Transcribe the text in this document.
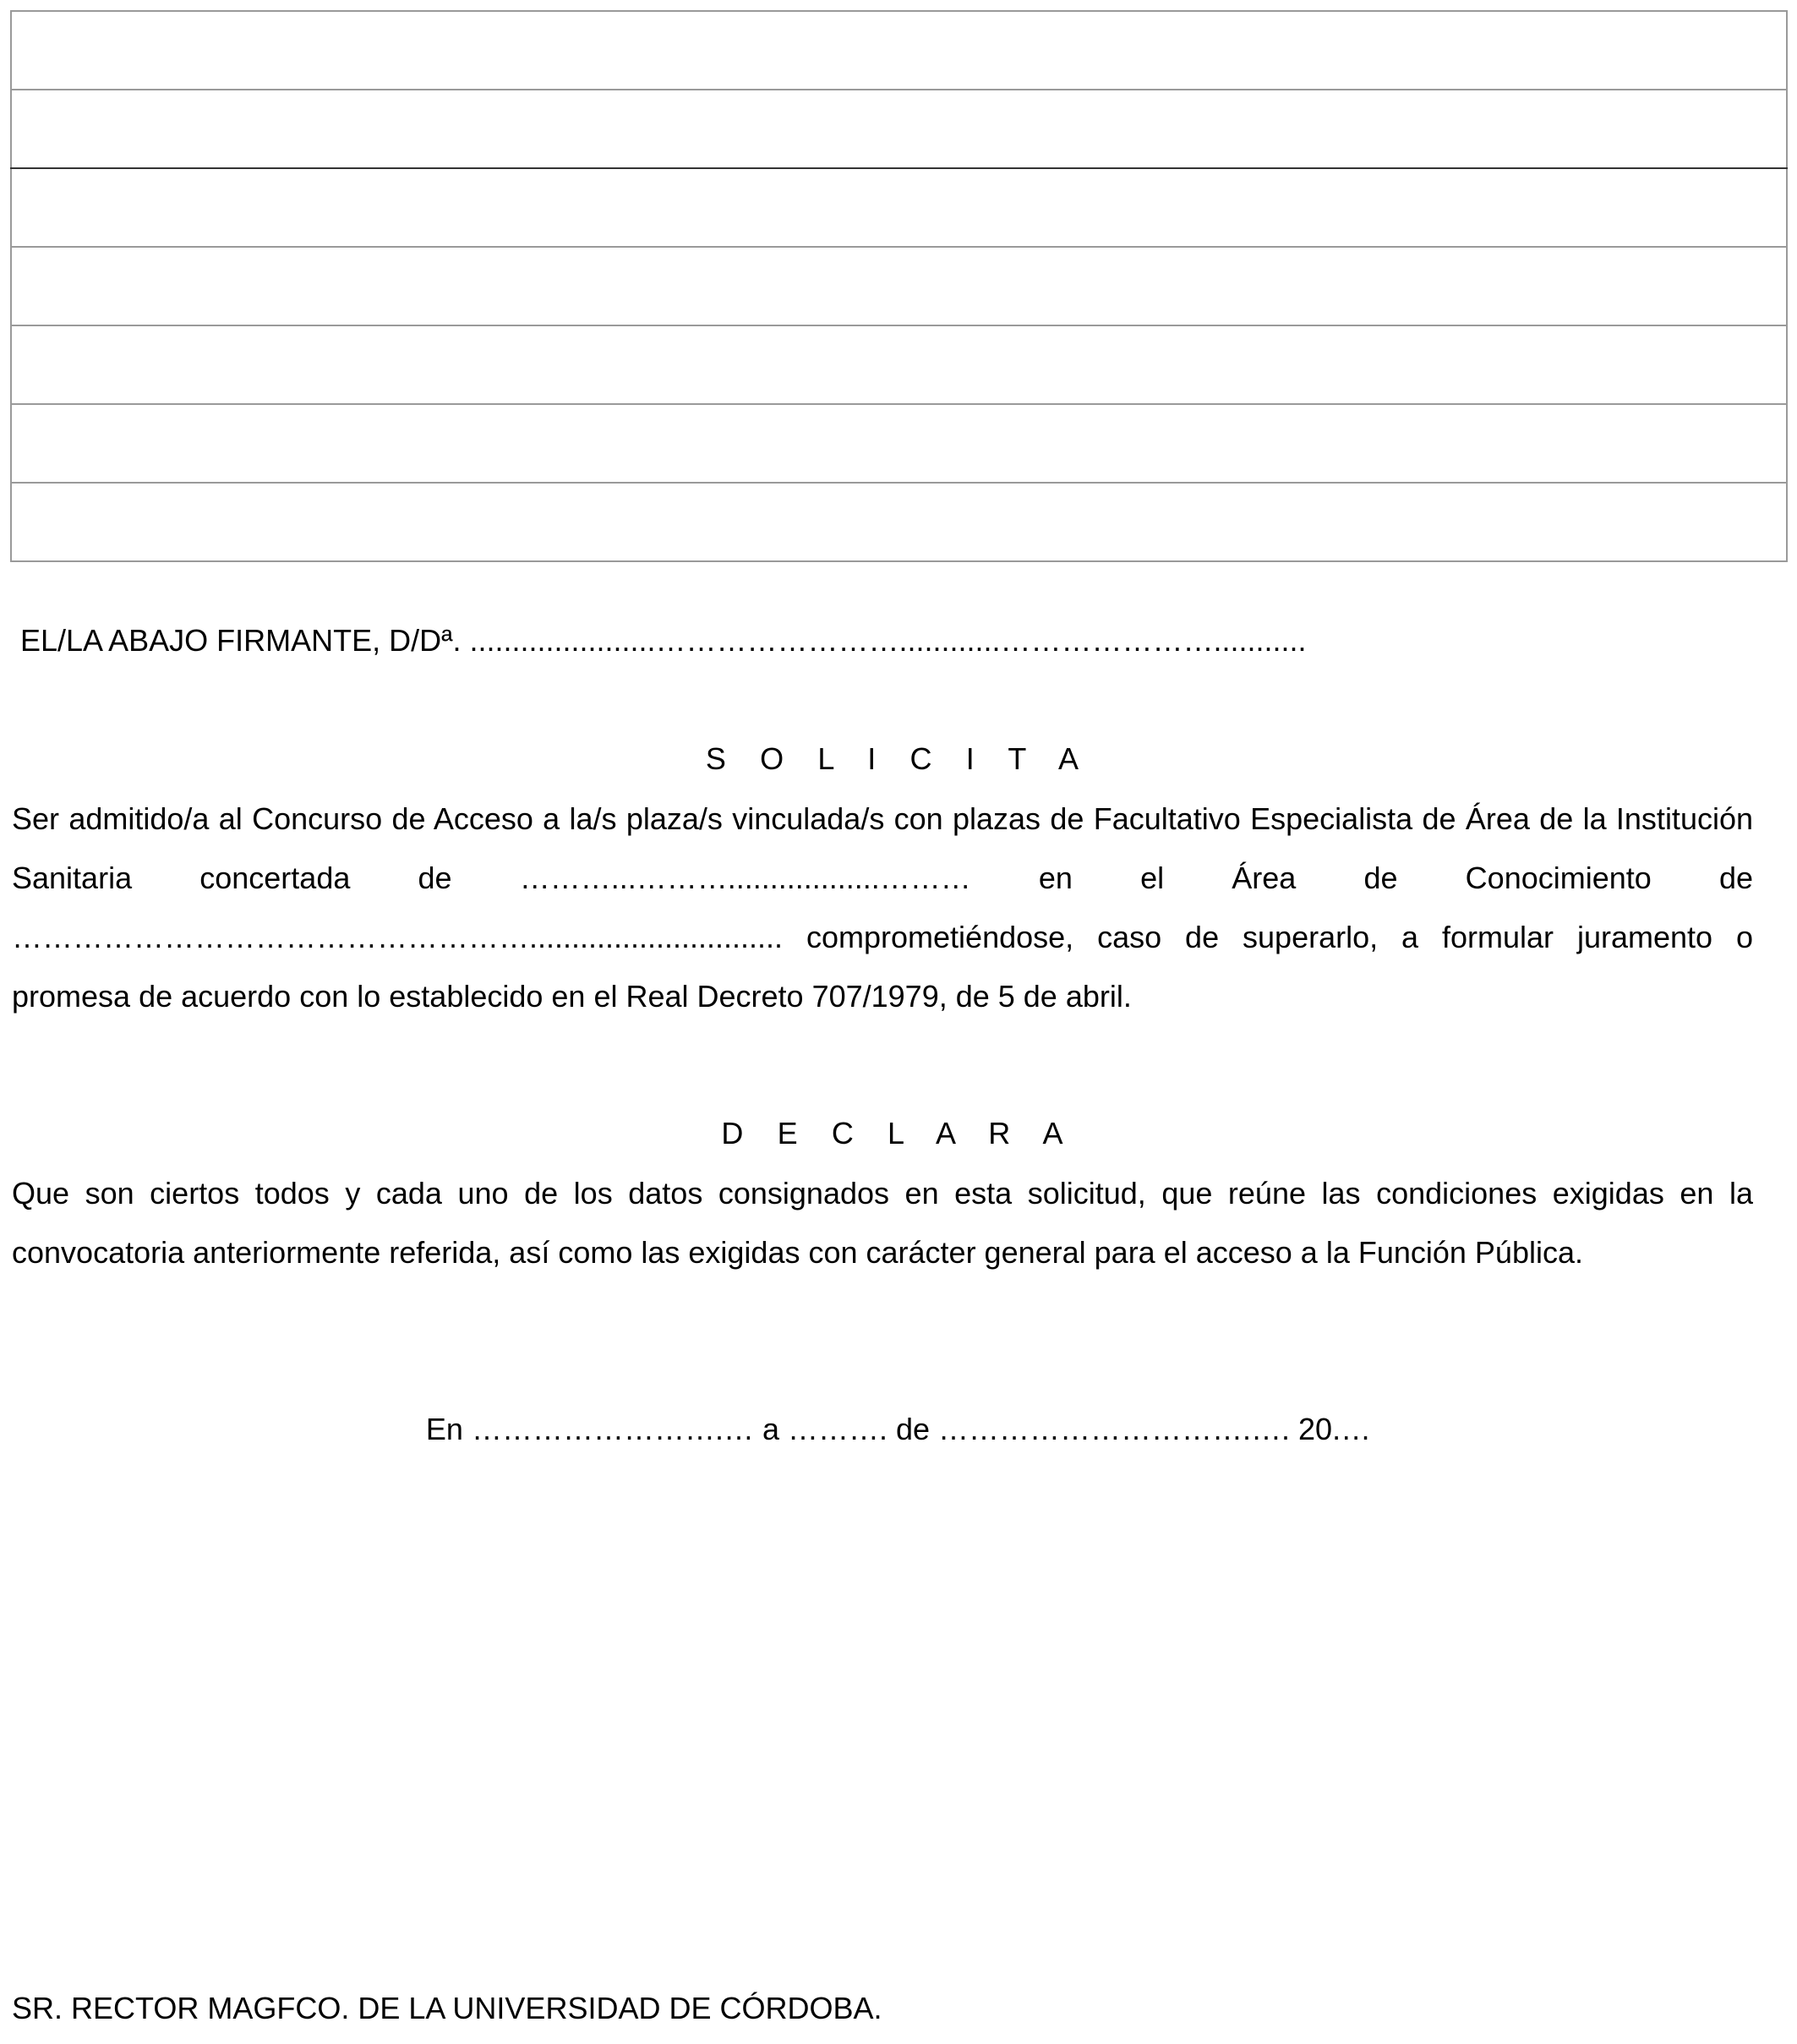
EL/LA ABAJO FIRMANTE, D/Dª. ......................……………………............…………………...........
S O L I C I T A
Ser admitido/a al Concurso de Acceso a la/s plaza/s vinculada/s con plazas de Facultativo Especialista de Área de la Institución Sanitaria concertada de ………...………..................……… en el Área de Conocimiento de …………………………………………….............................. comprometiéndose, caso de superarlo, a formular juramento o promesa de acuerdo con lo establecido en el Real Decreto 707/1979, de 5 de abril.
D E C L A R A
Que son ciertos todos y cada uno de los datos consignados en esta solicitud, que reúne las condiciones exigidas en la convocatoria anteriormente referida, así como las exigidas con carácter general para el acceso a la Función Pública.
En …………………….… a ………. de ………………………….…. 20.…
SR. RECTOR MAGFCO. DE LA UNIVERSIDAD DE CÓRDOBA.
